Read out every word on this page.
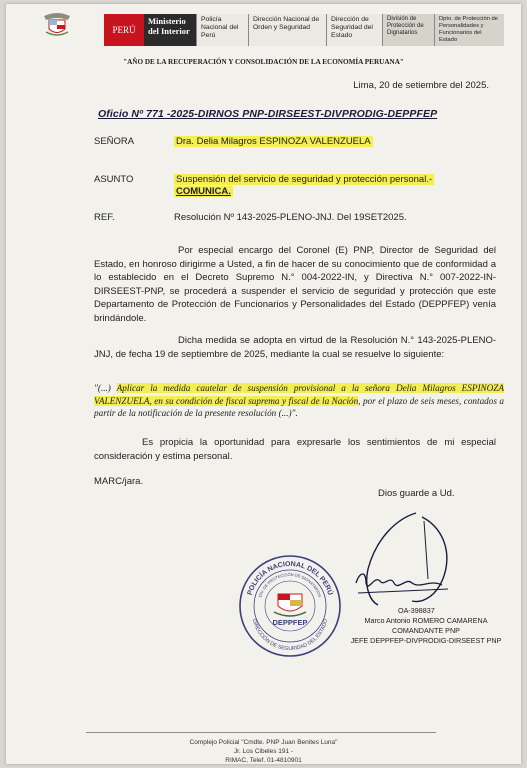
PERÚ
Ministerio del Interior
Policía Nacional del Perú
Dirección Nacional de Orden y Seguridad
Dirección de Seguridad del Estado
División de Protección de Dignatarios
Dpto. de Protección de Personalidades y Funcionarios del Estado
"AÑO DE LA RECUPERACIÓN Y CONSOLIDACIÓN DE LA ECONOMÍA PERUANA"
Lima, 20 de setiembre del 2025.
Oficio Nº 771 -2025-DIRNOS PNP-DIRSEEST-DIVPRODIG-DEPPFEP
SEÑORA	Dra. Delia Milagros ESPINOZA VALENZUELA
ASUNTO	Suspensión del servicio de seguridad y protección personal.-
COMUNICA.
REF.	Resolución Nº 143-2025-PLENO-JNJ. Del 19SET2025.
Por especial encargo del Coronel (E) PNP, Director de Seguridad del Estado, en honroso dirigirme a Usted, a fin de hacer de su conocimiento que de conformidad a lo establecido en el Decreto Supremo N.° 004-2022-IN, y Directiva N.° 007-2022-IN-DIRSEEST-PNP, se procederá a suspender el servicio de seguridad y protección que este Departamento de Protección de Funcionarios y Personalidades del Estado (DEPPFEP) venía brindándole.
Dicha medida se adopta en virtud de la Resolución N.° 143-2025-PLENO-JNJ, de fecha 19 de septiembre de 2025, mediante la cual se resuelve lo siguiente:
"(...) Aplicar la medida cautelar de suspensión provisional a la señora Delia Milagros ESPINOZA VALENZUELA, en su condición de fiscal suprema y fiscal de la Nación, por el plazo de seis meses, contados a partir de la notificación de la presente resolución (...)".
Es propicia la oportunidad para expresarle los sentimientos de mi especial consideración y estima personal.
MARC/jara.
Dios guarde a Ud.
POLICÍA NACIONAL DEL PERÚ
DIV. DE PROTECCIÓN DE DIGNATARIOS
DIRECCIÓN DE SEGURIDAD DEL ESTADO
DEPPFEP
OA-398837
Marco Antonio ROMERO CAMARENA
COMANDANTE PNP
JEFE DEPPFEP-DIVPRODIG-DIRSEEST PNP
Complejo Policial "Cmdte. PNP Juan Benites Luna"
Jr. Los Cibeles 191 -
RIMAC, Telef. 01-4810901
